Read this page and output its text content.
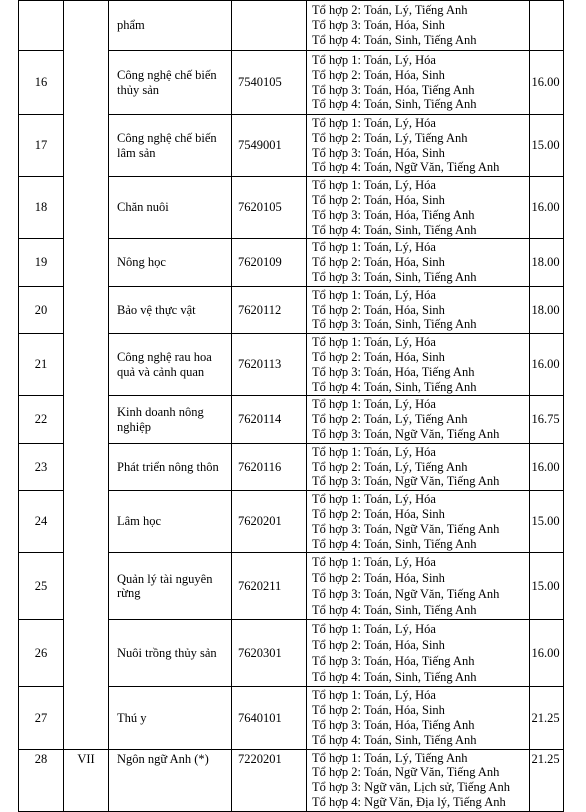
		phẩm		Tổ hợp 2: Toán, Lý, Tiếng Anh
Tổ hợp 3: Toán, Hóa, Sinh
Tổ hợp 4: Toán, Sinh, Tiếng Anh	

16		Công nghệ chế biến thủy sản	7540105	Tổ hợp 1: Toán, Lý, Hóa
Tổ hợp 2: Toán, Hóa, Sinh
Tổ hợp 3: Toán, Hóa, Tiếng Anh
Tổ hợp 4: Toán, Sinh, Tiếng Anh	16.00
17		Công nghệ chế biến lâm sản	7549001	Tổ hợp 1: Toán, Lý, Hóa
Tổ hợp 2: Toán, Lý, Tiếng Anh
Tổ hợp 3: Toán, Hóa, Sinh
Tổ hợp 4: Toán, Ngữ Văn, Tiếng Anh	15.00
18		Chăn nuôi	7620105	Tổ hợp 1: Toán, Lý, Hóa
Tổ hợp 2: Toán, Hóa, Sinh
Tổ hợp 3: Toán, Hóa, Tiếng Anh
Tổ hợp 4: Toán, Sinh, Tiếng Anh	16.00
19		Nông học	7620109	Tổ hợp 1: Toán, Lý, Hóa
Tổ hợp 2: Toán, Hóa, Sinh
Tổ hợp 3: Toán, Sinh, Tiếng Anh	18.00
20		Bảo vệ thực vật	7620112	Tổ hợp 1: Toán, Lý, Hóa
Tổ hợp 2: Toán, Hóa, Sinh
Tổ hợp 3: Toán, Sinh, Tiếng Anh	18.00
21		Công nghệ rau hoa quả và cảnh quan	7620113	Tổ hợp 1: Toán, Lý, Hóa
Tổ hợp 2: Toán, Hóa, Sinh
Tổ hợp 3: Toán, Hóa, Tiếng Anh
Tổ hợp 4: Toán, Sinh, Tiếng Anh	16.00
22		Kinh doanh nông nghiệp	7620114	Tổ hợp 1: Toán, Lý, Hóa
Tổ hợp 2: Toán, Lý, Tiếng Anh
Tổ hợp 3: Toán, Ngữ Văn, Tiếng Anh	16.75
23		Phát triển nông thôn	7620116	Tổ hợp 1: Toán, Lý, Hóa
Tổ hợp 2: Toán, Lý, Tiếng Anh
Tổ hợp 3: Toán, Ngữ Văn, Tiếng Anh	16.00
24		Lâm học	7620201	Tổ hợp 1: Toán, Lý, Hóa
Tổ hợp 2: Toán, Hóa, Sinh
Tổ hợp 3: Toán, Ngữ Văn, Tiếng Anh
Tổ hợp 4: Toán, Sinh, Tiếng Anh	15.00
25		Quản lý tài nguyên rừng	7620211	Tổ hợp 1: Toán, Lý, Hóa
Tổ hợp 2: Toán, Hóa, Sinh
Tổ hợp 3: Toán, Ngữ Văn, Tiếng Anh
Tổ hợp 4: Toán, Sinh, Tiếng Anh	15.00
26		Nuôi trồng thủy sản	7620301	Tổ hợp 1: Toán, Lý, Hóa
Tổ hợp 2: Toán, Hóa, Sinh
Tổ hợp 3: Toán, Hóa, Tiếng Anh
Tổ hợp 4: Toán, Sinh, Tiếng Anh	16.00
27		Thú y	7640101	Tổ hợp 1: Toán, Lý, Hóa
Tổ hợp 2: Toán, Hóa, Sinh
Tổ hợp 3: Toán, Hóa, Tiếng Anh
Tổ hợp 4: Toán, Sinh, Tiếng Anh	21.25
28	VII	Ngôn ngữ Anh (*)	7220201	Tổ hợp 1: Toán, Lý, Tiếng Anh
Tổ hợp 2: Toán, Ngữ Văn, Tiếng Anh
Tổ hợp 3: Ngữ văn, Lịch sử, Tiếng Anh
Tổ hợp 4: Ngữ Văn, Địa lý, Tiếng Anh	21.25
